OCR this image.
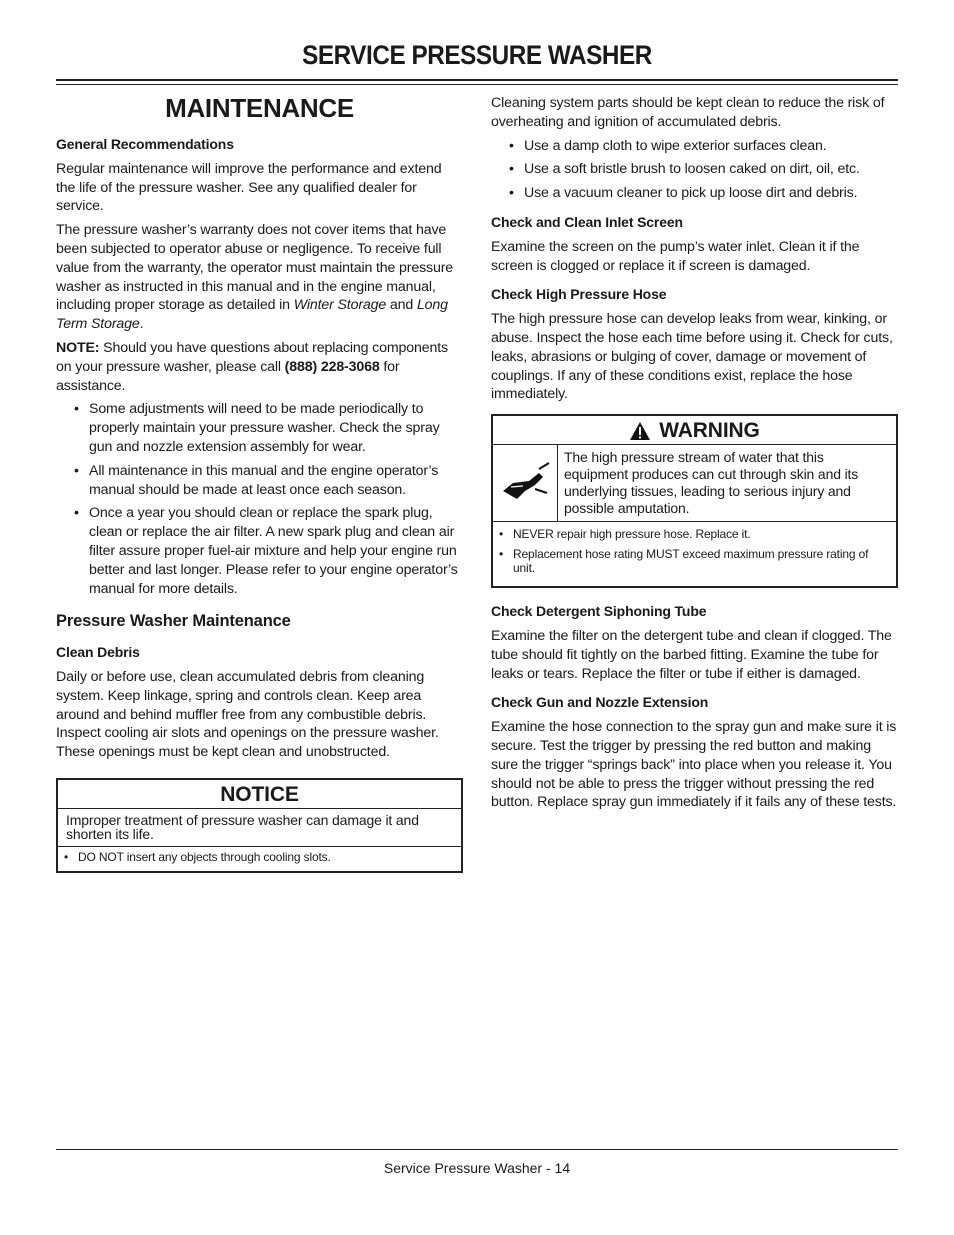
SERVICE PRESSURE WASHER
MAINTENANCE
General Recommendations

Regular maintenance will improve the performance and extend the life of the pressure washer. See any qualified dealer for service.

The pressure washer’s warranty does not cover items that have been subjected to operator abuse or negligence. To receive full value from the warranty, the operator must maintain the pressure washer as instructed in this manual and in the engine manual, including proper storage as detailed in Winter Storage and Long Term Storage.

NOTE: Should you have questions about replacing components on your pressure washer, please call (888) 228-3068 for assistance.

• Some adjustments will need to be made periodically to properly maintain your pressure washer. Check the spray gun and nozzle extension assembly for wear.
• All maintenance in this manual and the engine operator’s manual should be made at least once each season.
• Once a year you should clean or replace the spark plug, clean or replace the air filter. A new spark plug and clean air filter assure proper fuel-air mixture and help your engine run better and last longer. Please refer to your engine operator’s manual for more details.
Pressure Washer Maintenance
Clean Debris

Daily or before use, clean accumulated debris from cleaning system. Keep linkage, spring and controls clean. Keep area around and behind muffler free from any combustible debris. Inspect cooling air slots and openings on the pressure washer. These openings must be kept clean and unobstructed.

NOTICE
Improper treatment of pressure washer can damage it and shorten its life.
• DO NOT insert any objects through cooling slots.

Cleaning system parts should be kept clean to reduce the risk of overheating and ignition of accumulated debris.

• Use a damp cloth to wipe exterior surfaces clean.
• Use a soft bristle brush to loosen caked on dirt, oil, etc.
• Use a vacuum cleaner to pick up loose dirt and debris.
Check and Clean Inlet Screen

Examine the screen on the pump’s water inlet. Clean it if the screen is clogged or replace it if screen is damaged.

Check High Pressure Hose

The high pressure hose can develop leaks from wear, kinking, or abuse. Inspect the hose each time before using it. Check for cuts, leaks, abrasions or bulging of cover, damage or movement of couplings. If any of these conditions exist, replace the hose immediately.

WARNING
The high pressure stream of water that this equipment produces can cut through skin and its underlying tissues, leading to serious injury and possible amputation.
• NEVER repair high pressure hose. Replace it.
• Replacement hose rating MUST exceed maximum pressure rating of unit.
Check Detergent Siphoning Tube

Examine the filter on the detergent tube and clean if clogged. The tube should fit tightly on the barbed fitting. Examine the tube for leaks or tears. Replace the filter or tube if either is damaged.

Check Gun and Nozzle Extension

Examine the hose connection to the spray gun and make sure it is secure. Test the trigger by pressing the red button and making sure the trigger “springs back” into place when you release it. You should not be able to press the trigger without pressing the red button. Replace spray gun immediately if it fails any of these tests.

Service Pressure Washer - 14
